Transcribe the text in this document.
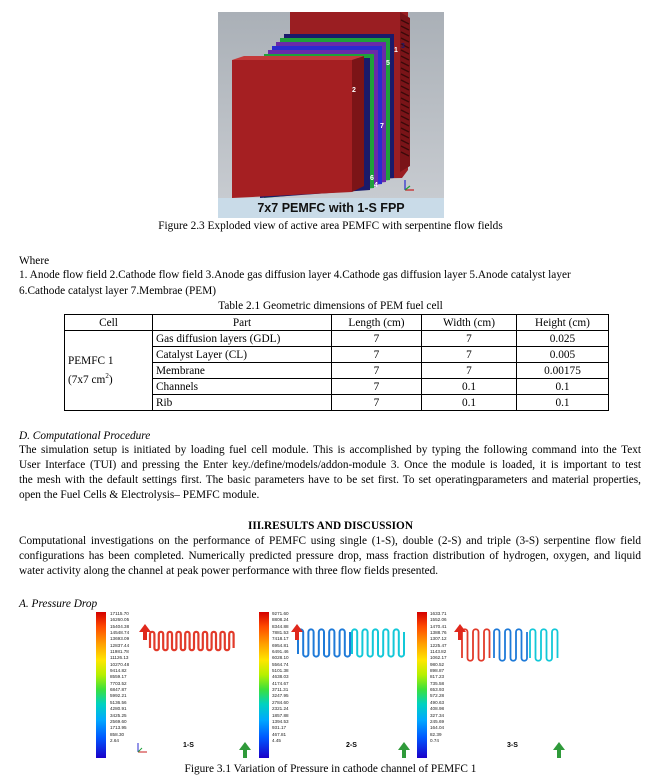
1
3
5
2
7
6
4
7x7 PEMFC with 1-S FPP
Figure 2.3 Exploded view of active area PEMFC with serpentine flow fields
Where
1. Anode flow field 2.Cathode flow field 3.Anode gas diffusion layer 4.Cathode gas diffusion layer 5.Anode catalyst layer
6.Cathode catalyst layer 7.Membrae (PEM)
Table 2.1 Geometric dimensions of PEM fuel cell
Cell	Part	Length (cm)	Width (cm)	Height (cm)
PEMFC 1
(7x7 $cm^2$)	Gas diffusion layers (GDL)	7	7	0.025
	Catalyst Layer (CL)	7	7	0.005
	Membrane	7	7	0.00175
	Channels	7	0.1	0.1
	Rib	7	0.1	0.1
D. Computational Procedure
The simulation setup is initiated by loading fuel cell module. This is accomplished by typing the following command into the Text
User Interface (TUI) and pressing the Enter key./define/models/addon-module 3. Once the module is loaded, it is important to test
the mesh with the default settings first. The basic parameters have to be set first. To set operatingparameters and material properties,
open the Fuel Cells & Electrolysis– PEMFC module.
III.RESULTS AND DISCUSSION
Computational investigations on the performance of PEMFC using single (1-S), double (2-S) and triple (3-S) serpentine flow field
configurations has been completed. Numerically predicted pressure drop, mass fraction distribution of hydrogen, oxygen, and liquid
water activity along the channel at peak power performance with three flow fields presented.
A. Pressure Drop
17115.70
16260.05
15404.38
14548.74
13693.09
12837.44
11981.78
11126.13
10270.48
9414.82
8559.17
7703.52
6847.87
5992.21
5136.56
4280.91
3425.25
2569.60
1713.95
858.30
2.64
9271.60
8808.24
8344.88
7881.53
7418.17
6954.81
6491.46
6028.10
5564.74
5101.38
4638.03
4174.67
3711.31
3247.95
2784.60
2321.24
1857.88
1394.53
931.17
467.81
4.45
1633.71
1552.06
1470.41
1388.76
1307.12
1225.47
1143.82
1062.17
980.52
898.87
817.23
735.58
653.93
572.28
490.63
408.98
327.34
245.69
164.04
82.39
0.74
1-S	2-S	3-S
Figure 3.1 Variation of Pressure in cathode channel of PEMFC 1
